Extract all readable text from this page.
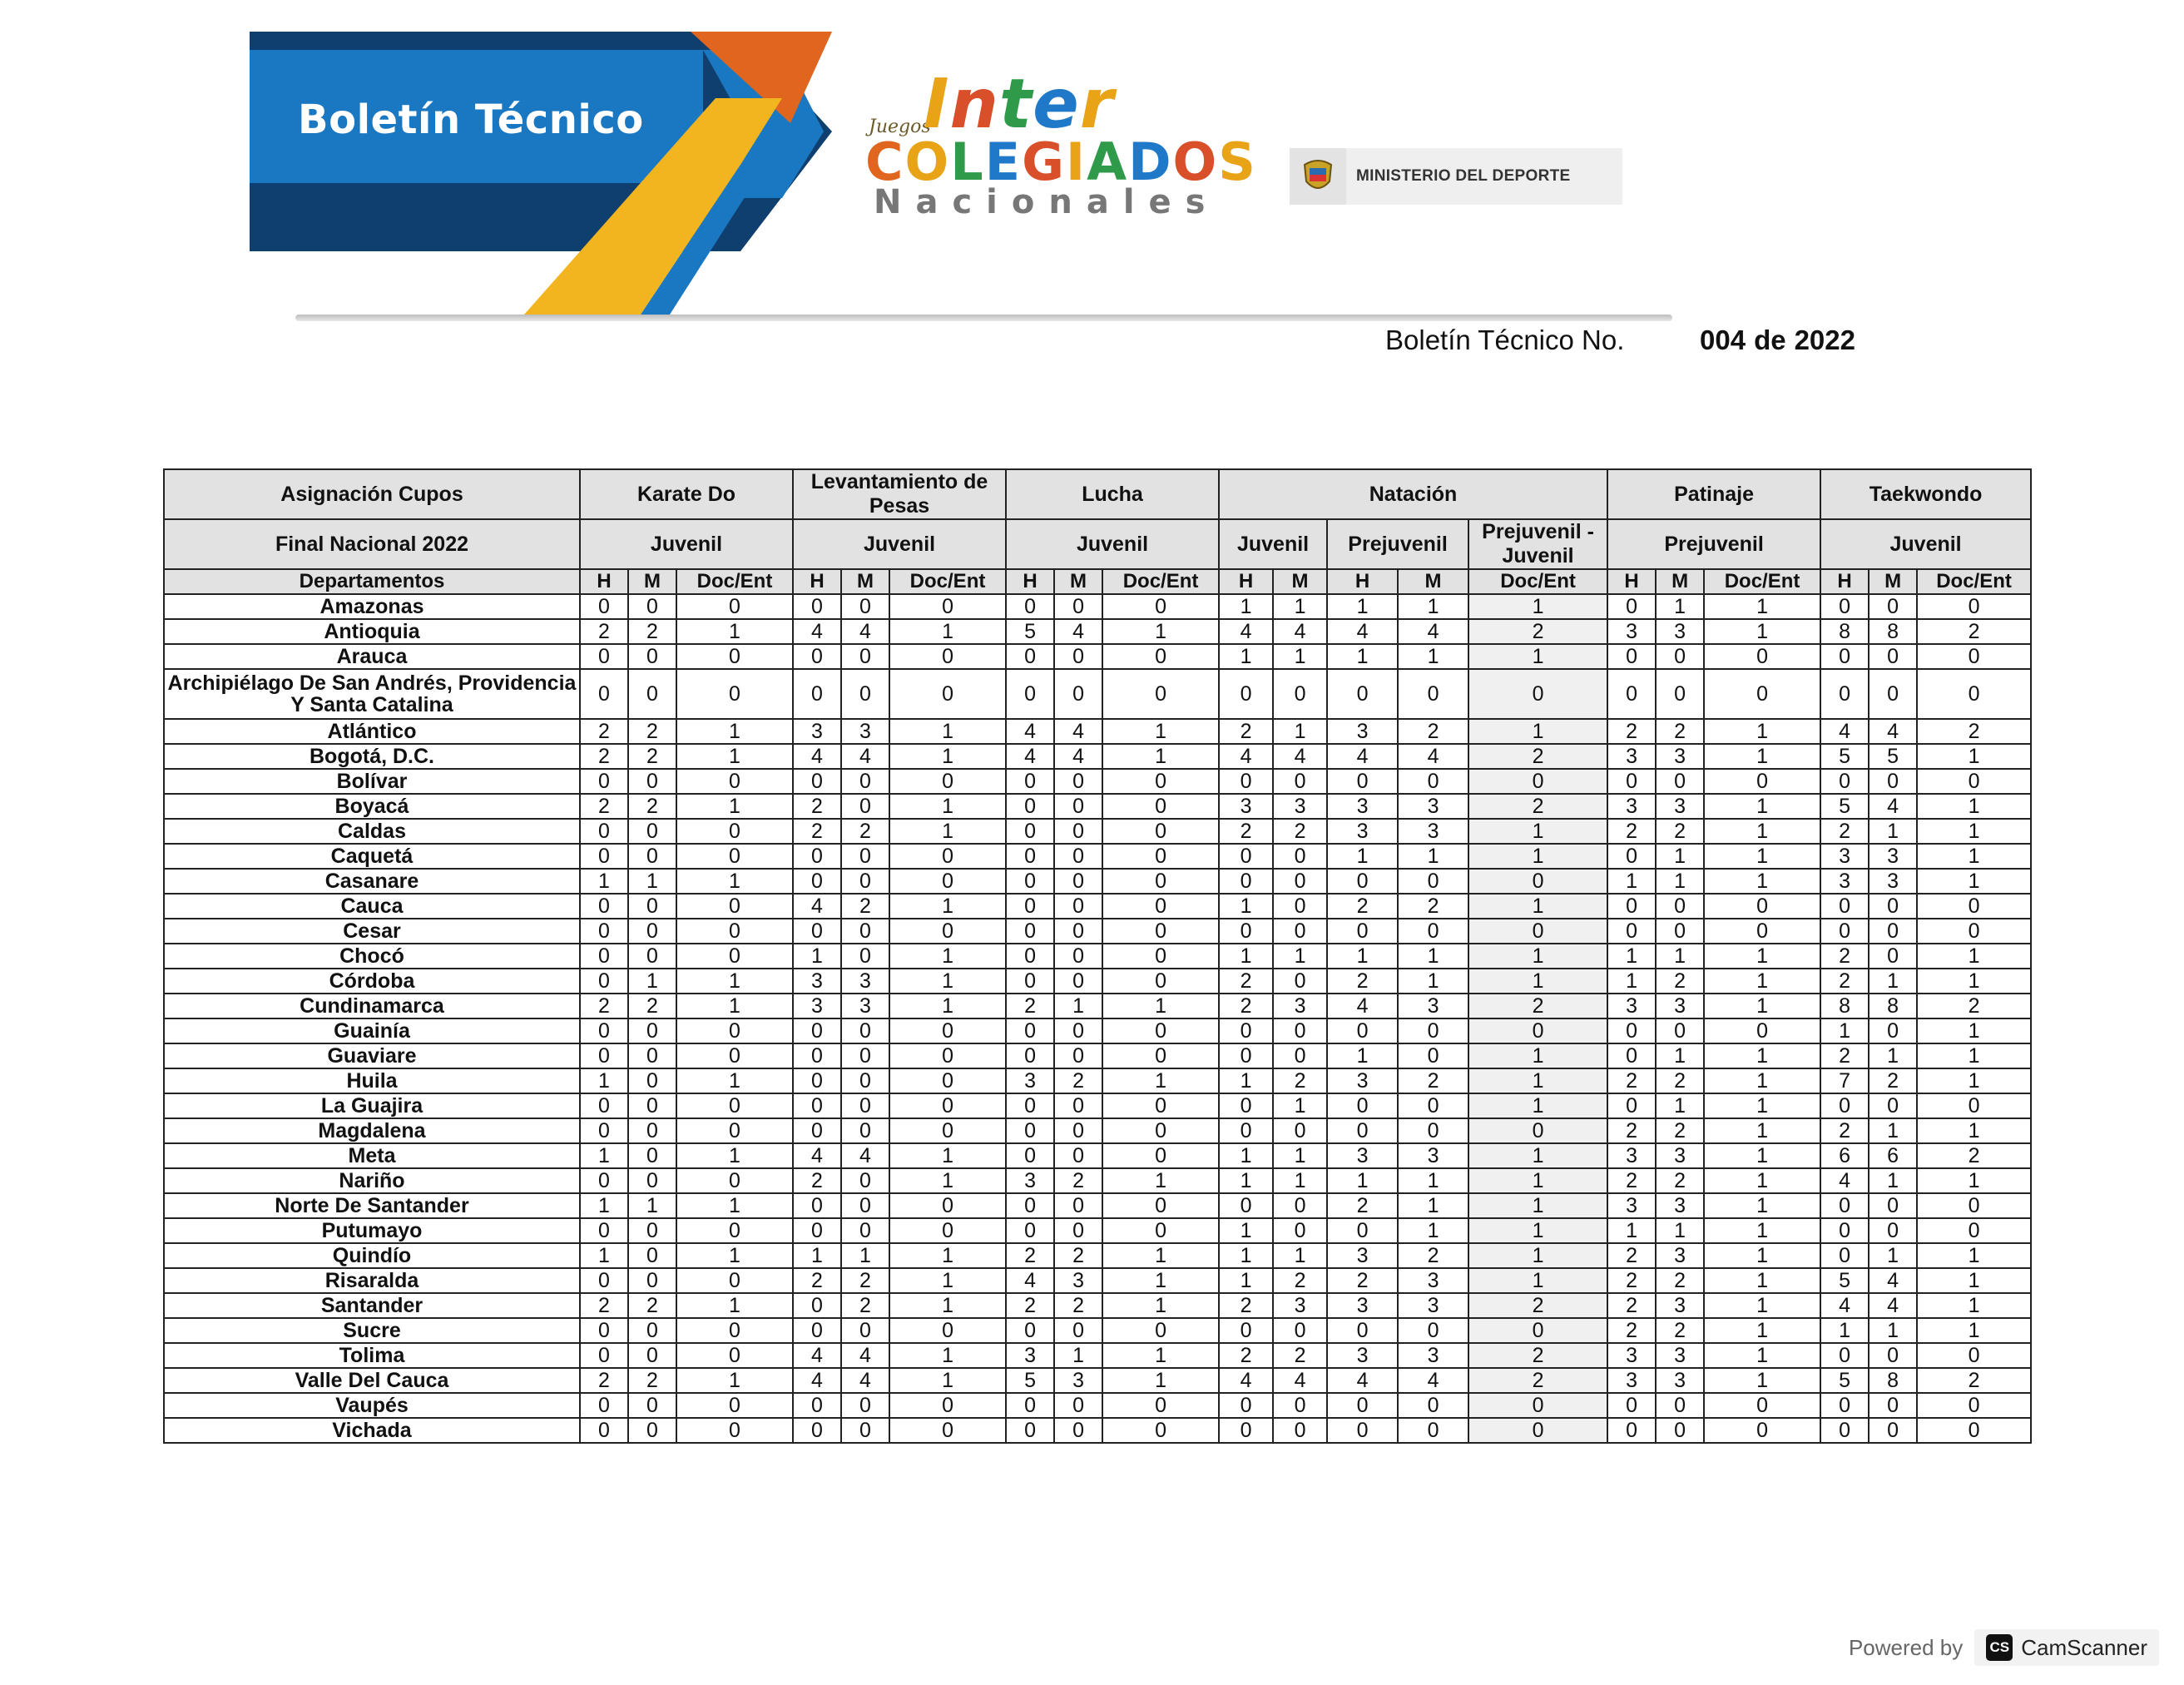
Boletín Técnico	Juegos
Inter
COLEGIADOS
Nacionales
MINISTERIO DEL DEPORTE
Boletín Técnico No.	004 de 2022
Asignación Cupos	Karate Do			Levantamiento de Pesas			Lucha			Natación					Patinaje			Taekwondo		
Final Nacional 2022	Juvenil			Juvenil			Juvenil			Juvenil		Prejuvenil		Prejuvenil - Juvenil	Prejuvenil			Juvenil		
Departamentos	H	M	Doc/Ent	H	M	Doc/Ent	H	M	Doc/Ent	H	M	H	M	Doc/Ent	H	M	Doc/Ent	H	M	Doc/Ent
Amazonas	0	0	0	0	0	0	0	0	0	1	1	1	1	1	0	1	1	0	0	0
Antioquia	2	2	1	4	4	1	5	4	1	4	4	4	4	2	3	3	1	8	8	2
Arauca	0	0	0	0	0	0	0	0	0	1	1	1	1	1	0	0	0	0	0	0
Archipiélago De San Andrés, Providencia Y Santa Catalina	0	0	0	0	0	0	0	0	0	0	0	0	0	0	0	0	0	0	0	0
Atlántico	2	2	1	3	3	1	4	4	1	2	1	3	2	1	2	2	1	4	4	2
Bogotá, D.C.	2	2	1	4	4	1	4	4	1	4	4	4	4	2	3	3	1	5	5	1
Bolívar	0	0	0	0	0	0	0	0	0	0	0	0	0	0	0	0	0	0	0	0
Boyacá	2	2	1	2	0	1	0	0	0	3	3	3	3	2	3	3	1	5	4	1
Caldas	0	0	0	2	2	1	0	0	0	2	2	3	3	1	2	2	1	2	1	1
Caquetá	0	0	0	0	0	0	0	0	0	0	0	1	1	1	0	1	1	3	3	1
Casanare	1	1	1	0	0	0	0	0	0	0	0	0	0	0	1	1	1	3	3	1
Cauca	0	0	0	4	2	1	0	0	0	1	0	2	2	1	0	0	0	0	0	0
Cesar	0	0	0	0	0	0	0	0	0	0	0	0	0	0	0	0	0	0	0	0
Chocó	0	0	0	1	0	1	0	0	0	1	1	1	1	1	1	1	1	2	0	1
Córdoba	0	1	1	3	3	1	0	0	0	2	0	2	1	1	1	2	1	2	1	1
Cundinamarca	2	2	1	3	3	1	2	1	1	2	3	4	3	2	3	3	1	8	8	2
Guainía	0	0	0	0	0	0	0	0	0	0	0	0	0	0	0	0	0	1	0	1
Guaviare	0	0	0	0	0	0	0	0	0	0	0	1	0	1	0	1	1	2	1	1
Huila	1	0	1	0	0	0	3	2	1	1	2	3	2	1	2	2	1	7	2	1
La Guajira	0	0	0	0	0	0	0	0	0	0	1	0	0	1	0	1	1	0	0	0
Magdalena	0	0	0	0	0	0	0	0	0	0	0	0	0	0	2	2	1	2	1	1
Meta	1	0	1	4	4	1	0	0	0	1	1	3	3	1	3	3	1	6	6	2
Nariño	0	0	0	2	0	1	3	2	1	1	1	1	1	1	2	2	1	4	1	1
Norte De Santander	1	1	1	0	0	0	0	0	0	0	0	2	1	1	3	3	1	0	0	0
Putumayo	0	0	0	0	0	0	0	0	0	1	0	0	1	1	1	1	1	0	0	0
Quindío	1	0	1	1	1	1	2	2	1	1	1	3	2	1	2	3	1	0	1	1
Risaralda	0	0	0	2	2	1	4	3	1	1	2	2	3	1	2	2	1	5	4	1
Santander	2	2	1	0	2	1	2	2	1	2	3	3	3	2	2	3	1	4	4	1
Sucre	0	0	0	0	0	0	0	0	0	0	0	0	0	0	2	2	1	1	1	1
Tolima	0	0	0	4	4	1	3	1	1	2	2	3	3	2	3	3	1	0	0	0
Valle Del Cauca	2	2	1	4	4	1	5	3	1	4	4	4	4	2	3	3	1	5	8	2
Vaupés	0	0	0	0	0	0	0	0	0	0	0	0	0	0	0	0	0	0	0	0
Vichada	0	0	0	0	0	0	0	0	0	0	0	0	0	0	0	0	0	0	0	0
Powered by CS CamScanner
